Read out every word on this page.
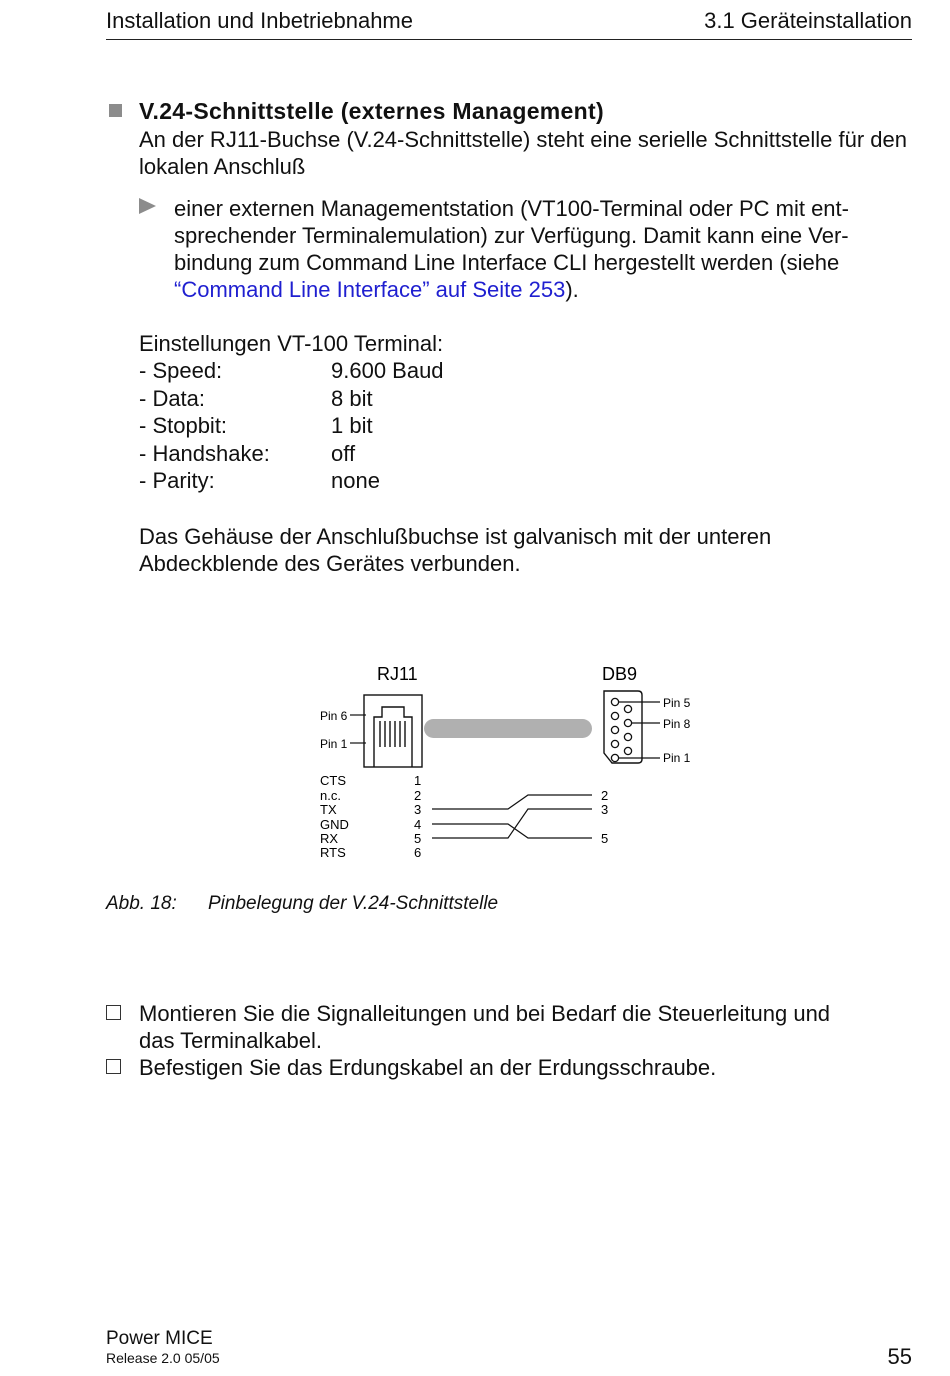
Installation und Inbetriebnahme	3.1 Geräteinstallation
V.24-Schnittstelle (externes Management)
An der RJ11-Buchse (V.24-Schnittstelle) steht eine serielle Schnittstelle für den lokalen Anschluß
einer externen Managementstation (VT100-Terminal oder PC mit ent-
sprechender Terminalemulation) zur Verfügung. Damit kann eine Ver-
bindung zum Command Line Interface CLI hergestellt werden (siehe
“Command Line Interface” auf Seite 253).
Einstellungen VT-100 Terminal:
- Speed:	9.600 Baud
- Data:	8 bit
- Stopbit:	1 bit
- Handshake:	off
- Parity:	none
Das Gehäuse der Anschlußbuchse ist galvanisch mit der unteren Abdeckblende des Gerätes verbunden.
RJ11	DB9
Pin 6
Pin 1
Pin 5
Pin 8
Pin 1
CTS
n.c.
TX
GND
RX
RTS
1
2
3
4
5
6
2
3
5
Abb. 18: Pinbelegung der V.24-Schnittstelle
Montieren Sie die Signalleitungen und bei Bedarf die Steuerleitung und
das Terminalkabel.
Befestigen Sie das Erdungskabel an der Erdungsschraube.
Power MICE
Release 2.0 05/05	55
